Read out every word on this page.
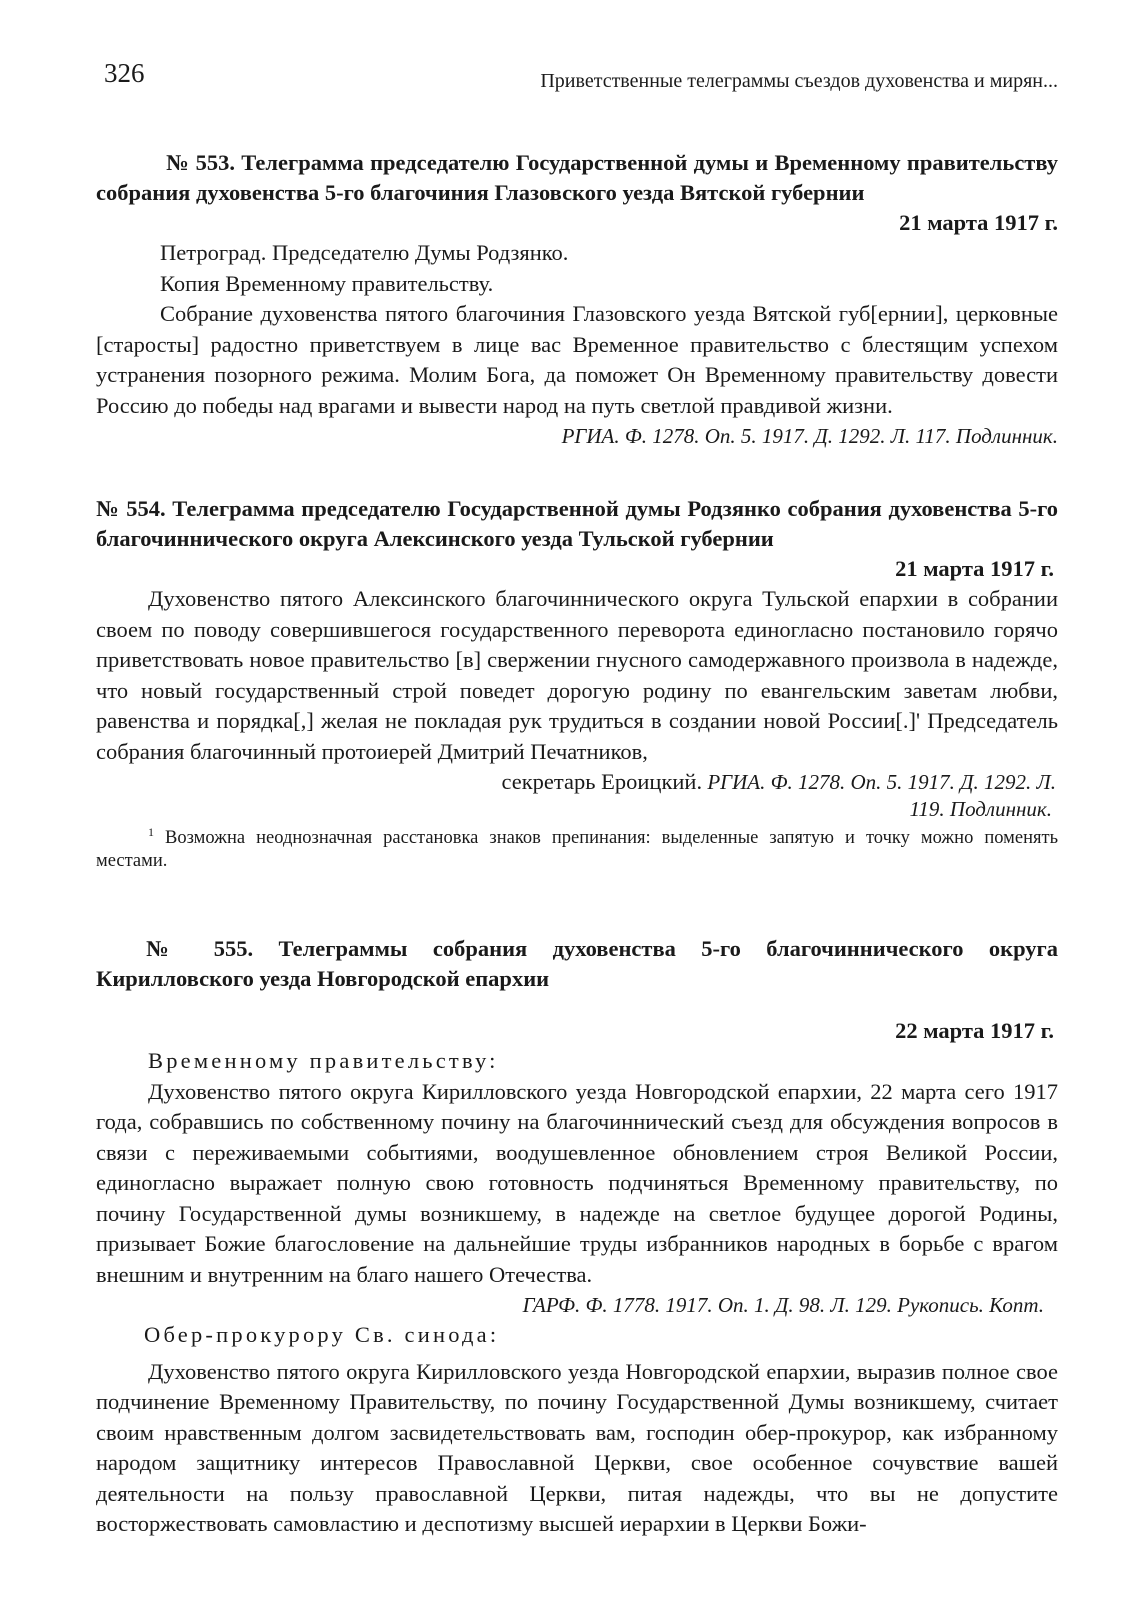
326	Приветственные телеграммы съездов духовенства и мирян...

№ 553. Телеграмма председателю Государственной думы и Временному правительству собрания духовенства 5-го благочиния Глазовского уезда Вятской губернии

21 марта 1917 г.

Петроград. Председателю Думы Родзянко.

Копия Временному правительству.

Собрание духовенства пятого благочиния Глазовского уезда Вятской губ[ернии], церковные [старосты] радостно приветствуем в лице вас Временное правительство с блестящим успехом устранения позорного режима. Молим Бога, да поможет Он Временному правительству довести Россию до победы над врагами и вывести народ на путь светлой правдивой жизни.

РГИА. Ф. 1278. Оп. 5. 1917. Д. 1292. Л. 117. Подлинник.

№ 554. Телеграмма председателю Государственной думы Родзянко собрания духовенства 5-го благочиннического округа Алексинского уезда Тульской губернии

21 марта 1917 г.

Духовенство пятого Алексинского благочиннического округа Тульской епархии в собрании своем по поводу совершившегося государственного переворота единогласно постановило горячо приветствовать новое правительство [в] свержении гнусного самодержавного произвола в надежде, что новый государственный строй поведет дорогую родину по евангельским заветам любви, равенства и порядка[,] желая не покладая рук трудиться в создании новой России[.]' Председатель собрания благочинный протоиерей Дмитрий Печатников,

секретарь Ероицкий. РГИА. Ф. 1278. Оп. 5. 1917. Д. 1292. Л.

119. Подлинник.

$^1$ Возможна неоднозначная расстановка знаков препинания: выделенные запятую и точку можно поменять местами.

№ 555. Телеграммы собрания духовенства 5-го благочиннического округа Кирилловского уезда Новгородской епархии

22 марта 1917 г.

Временному правительству:

Духовенство пятого округа Кирилловского уезда Новгородской епархии, 22 марта сего 1917 года, собравшись по собственному почину на благочиннический съезд для обсуждения вопросов в связи с переживаемыми событиями, воодушевленное обновлением строя Великой России, единогласно выражает полную свою готовность подчиняться Временному правительству, по почину Государственной думы возникшему, в надежде на светлое будущее дорогой Родины, призывает Божие благословение на дальнейшие труды избранников народных в борьбе с врагом внешним и внутренним на благо нашего Отечества.

ГАРФ. Ф. 1778. 1917. Оп. 1. Д. 98. Л. 129. Рукопись. Копт.

Обер-прокурору Св. синода:

Духовенство пятого округа Кирилловского уезда Новгородской епархии, выразив полное свое подчинение Временному Правительству, по почину Государственной Думы возникшему, считает своим нравственным долгом засвидетельствовать вам, господин обер-прокурор, как избранному народом защитнику интересов Православной Церкви, свое особенное сочувствие вашей деятельности на пользу православной Церкви, питая надежды, что вы не допустите восторжествовать самовластию и деспотизму высшей иерархии в Церкви Божи-
